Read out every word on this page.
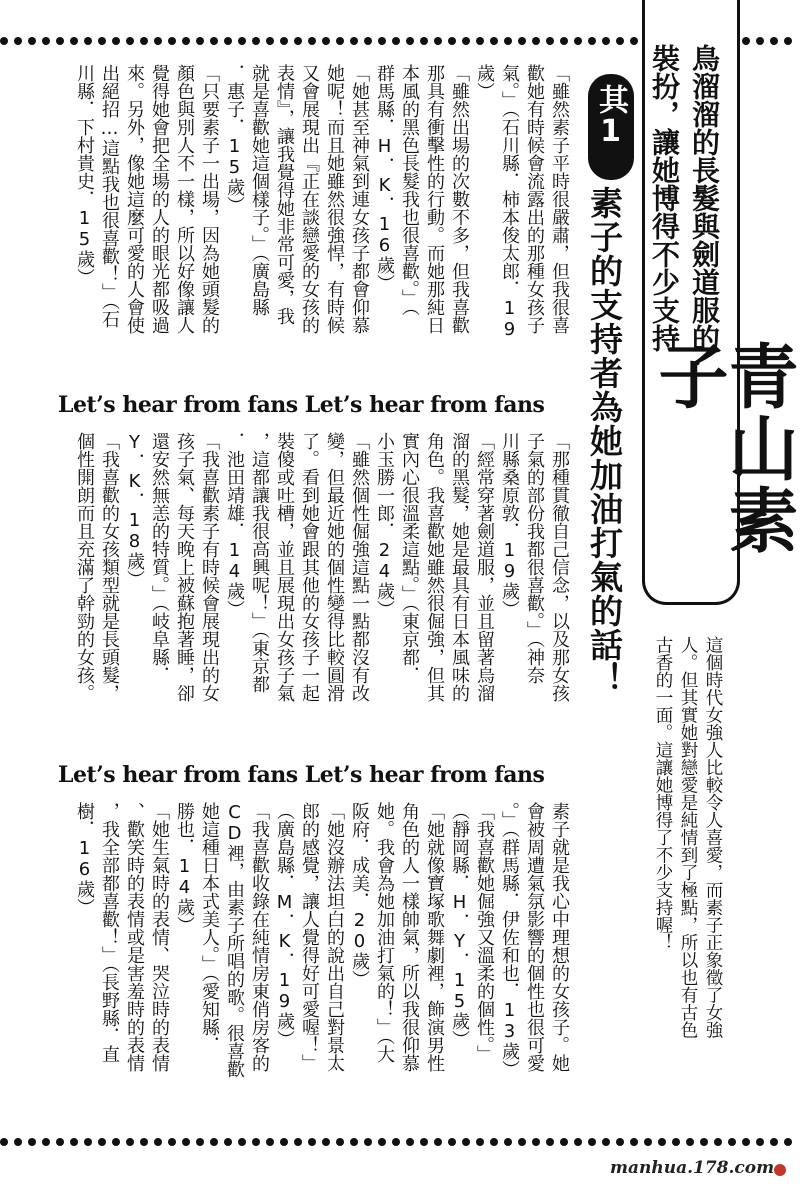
青山素子
鳥溜溜的長髮與劍道服的
裝扮，讓她博得不少支持
其1
素子的支持者為她加油打氣的話！
這個時代女強人比較令人喜愛，而素子正象徵了女強
人。但其實她對戀愛是純情到了極點，所以也有古色
古香的一面。這讓她博得了不少支持喔！
「雖然素子平時很嚴肅，但我很喜
歡她有時候會流露出的那種女孩子
氣。」（石川縣．柿本俊太郎．19
歲）
「雖然出場的次數不多，但我喜歡
那具有衝擊性的行動。而她那純日
本風的黑色長髮我也很喜歡。」（
群馬縣．H．K．16歲）
「她甚至神氣到連女孩子都會仰慕
她呢！而且她雖然很強悍，有時候
又會展現出『正在談戀愛的女孩的
表情』，讓我覺得她非常可愛，我
就是喜歡她這個樣子。」（廣島縣
．惠子．15歲）
「只要素子一出場，因為她頭髮的
顏色與別人不一樣，所以好像讓人
覺得她會把全場的人的眼光都吸過
來。另外，像她這麼可愛的人會使
出絕招…這點我也很喜歡！」（石
川縣．下村貴史．15歲）
Let’s hear from fans Let’s hear from fans
「那種貫徹自己信念，以及那女孩
子氣的部份我都很喜歡。」（神奈
川縣桑原敦．19歲）
「經常穿著劍道服，並且留著烏溜
溜的黑髮，她是最具有日本風味的
角色。我喜歡她雖然很倔強，但其
實內心很溫柔這點。」（東京都．
小玉勝一郎．24歲）
「雖然個性倔強這點一點都沒有改
變，但最近她的個性變得比較圓滑
了。看到她會跟其他的女孩子一起
裝傻或吐槽，並且展現出女孩子氣
，這都讓我很高興呢！」（東京都
．池田靖雄．14歲）
「我喜歡素子有時候會展現出的女
孩子氣、每天晚上被蘇抱著睡，卻
還安然無恙的特質。」（岐阜縣．
Y．K．18歲）
「我喜歡的女孩類型就是長頭髮，
個性開朗而且充滿了幹勁的女孩。
Let’s hear from fans Let’s hear from fans
素子就是我心中理想的女孩子。她
會被周遭氣氛影響的個性也很可愛
。」（群馬縣．伊佐和也．13歲）
「我喜歡她倔強又溫柔的個性。」
（靜岡縣．H．Y．15歲）
「她就像寶塚歌舞劇裡，飾演男性
角色的人一樣帥氣，所以我很仰慕
她。我會為她加油打氣的！」（大
阪府．成美．20歲）
「她沒辦法坦白的說出自己對景太
郎的感覺，讓人覺得好可愛喔！」
（廣島縣．M．K．19歲）
「我喜歡收錄在純情房東俏房客的
CD裡，由素子所唱的歌。很喜歡
她這種日本式美人。」（愛知縣．
勝也．14歲）
「她生氣時的表情、哭泣時的表情
、歡笑時的表情或是害羞時的表情
，我全部都喜歡！」（長野縣．直
樹．16歲）
manhua.178.com
